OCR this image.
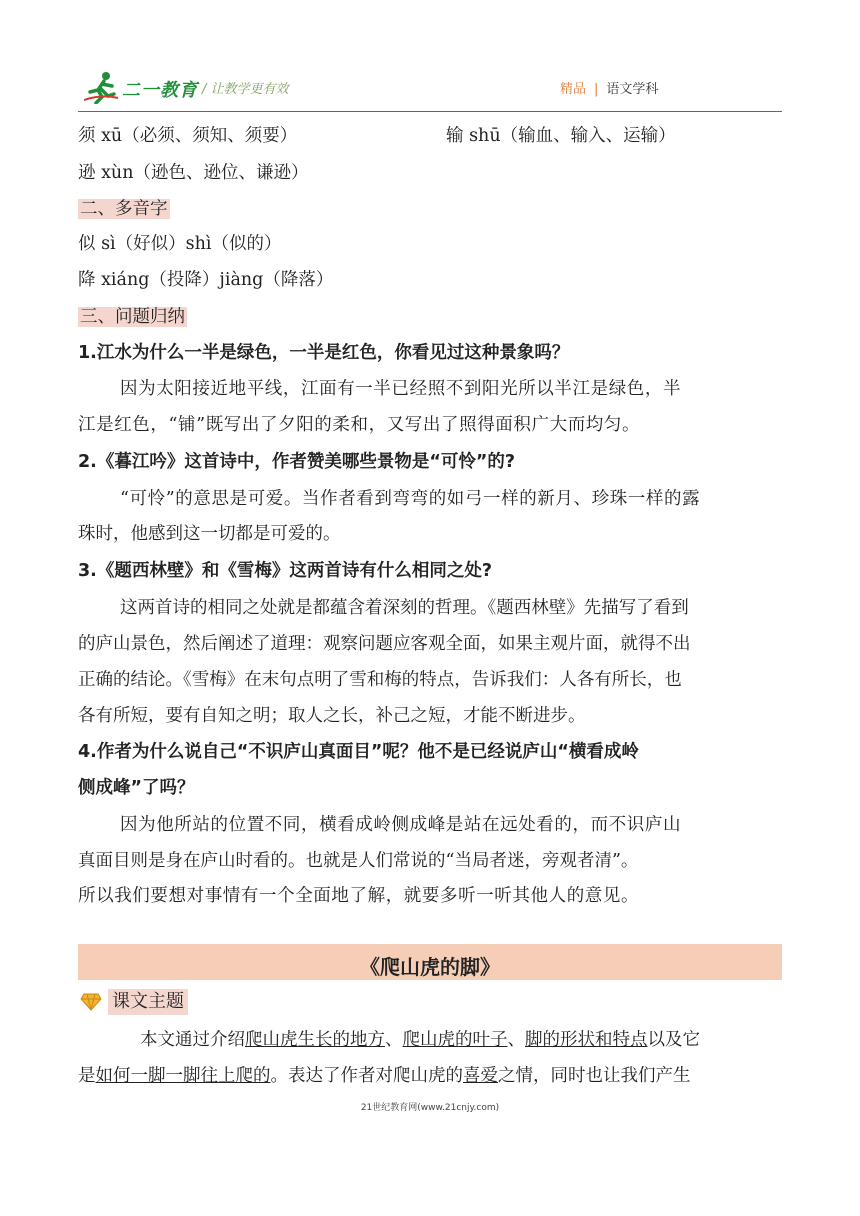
二一教育 / 让教学更有效	精品 | 语文学科
须 xū（必须、须知、须要）	输 shū（输血、输入、运输）
逊 xùn（逊色、逊位、谦逊）
二、多音字
似 sì（好似）shì（似的）
降 xiáng（投降）jiàng（降落）
三、问题归纳
1.江水为什么一半是绿色，一半是红色，你看见过这种景象吗？
因为太阳接近地平线，江面有一半已经照不到阳光所以半江是绿色，半
江是红色，“铺”既写出了夕阳的柔和，又写出了照得面积广大而均匀。
2.《暮江吟》这首诗中，作者赞美哪些景物是“可怜”的?
“可怜”的意思是可爱。当作者看到弯弯的如弓一样的新月、珍珠一样的露
珠时，他感到这一切都是可爱的。
3.《题西林壁》和《雪梅》这两首诗有什么相同之处?
这两首诗的相同之处就是都蕴含着深刻的哲理。《题西林壁》先描写了看到
的庐山景色，然后阐述了道理：观察问题应客观全面，如果主观片面，就得不出
正确的结论。《雪梅》在末句点明了雪和梅的特点，告诉我们：人各有所长，也
各有所短，要有自知之明；取人之长，补己之短，才能不断进步。
4.作者为什么说自己“不识庐山真面目”呢？他不是已经说庐山“横看成岭
侧成峰”了吗？
因为他所站的位置不同，横看成岭侧成峰是站在远处看的，而不识庐山
真面目则是身在庐山时看的。也就是人们常说的“当局者迷，旁观者清”。
所以我们要想对事情有一个全面地了解，就要多听一听其他人的意见。
《爬山虎的脚》
课文主题
本文通过介绍爬山虎生长的地方、爬山虎的叶子、脚的形状和特点以及它
是如何一脚一脚往上爬的。表达了作者对爬山虎的喜爱之情，同时也让我们产生
21世纪教育网(www.21cnjy.com)
